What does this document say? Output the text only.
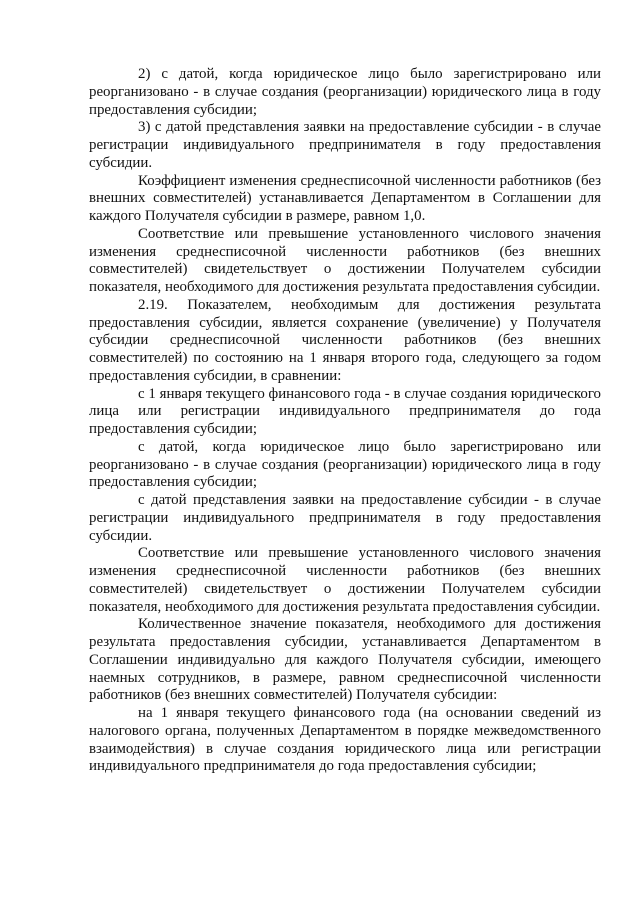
2) с датой, когда юридическое лицо было зарегистрировано или реорганизовано - в случае создания (реорганизации) юридического лица в году предоставления субсидии;

3) с датой представления заявки на предоставление субсидии - в случае регистрации индивидуального предпринимателя в году предоставления субсидии.

Коэффициент изменения среднесписочной численности работников (без внешних совместителей) устанавливается Департаментом в Соглашении для каждого Получателя субсидии в размере, равном 1,0.

Соответствие или превышение установленного числового значения изменения среднесписочной численности работников (без внешних совместителей) свидетельствует о достижении Получателем субсидии показателя, необходимого для достижения результата предоставления субсидии.

2.19. Показателем, необходимым для достижения результата предоставления субсидии, является сохранение (увеличение) у Получателя субсидии среднесписочной численности работников (без внешних совместителей) по состоянию на 1 января второго года, следующего за годом предоставления субсидии, в сравнении:

с 1 января текущего финансового года - в случае создания юридического лица или регистрации индивидуального предпринимателя до года предоставления субсидии;

с датой, когда юридическое лицо было зарегистрировано или реорганизовано - в случае создания (реорганизации) юридического лица в году предоставления субсидии;

с датой представления заявки на предоставление субсидии - в случае регистрации индивидуального предпринимателя в году предоставления субсидии.

Соответствие или превышение установленного числового значения изменения среднесписочной численности работников (без внешних совместителей) свидетельствует о достижении Получателем субсидии показателя, необходимого для достижения результата предоставления субсидии.

Количественное значение показателя, необходимого для достижения результата предоставления субсидии, устанавливается Департаментом в Соглашении индивидуально для каждого Получателя субсидии, имеющего наемных сотрудников, в размере, равном среднесписочной численности работников (без внешних совместителей) Получателя субсидии:

на 1 января текущего финансового года (на основании сведений из налогового органа, полученных Департаментом в порядке межведомственного взаимодействия) в случае создания юридического лица или регистрации индивидуального предпринимателя до года предоставления субсидии;
